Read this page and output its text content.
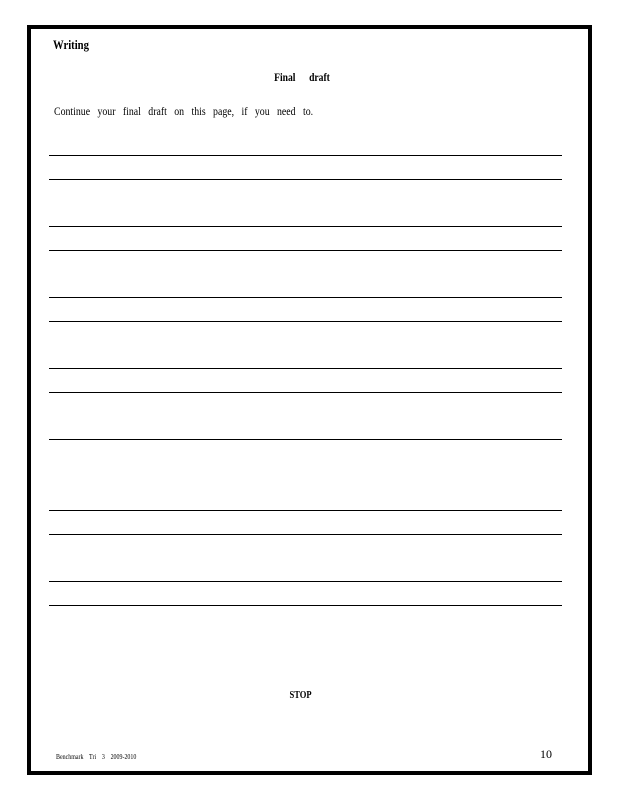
Writing
Final draft
Continue your final draft on this page, if you need to.
STOP
Benchmark Tri 3 2009-2010	10
